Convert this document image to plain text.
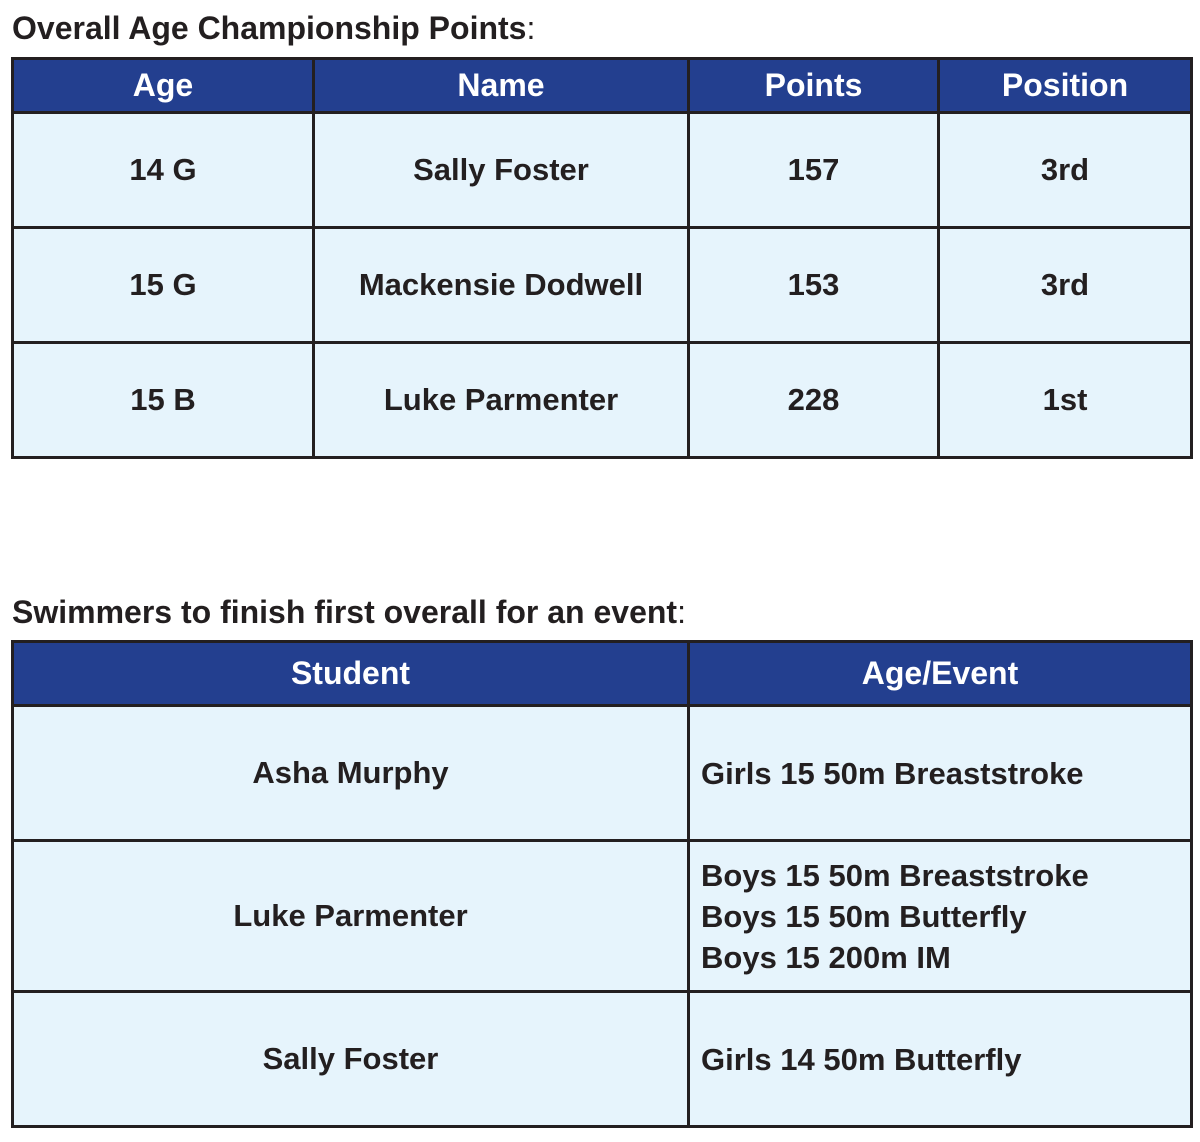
Overall Age Championship Points:
Age	Name	Points	Position
14 G	Sally Foster	157	3rd
15 G	Mackensie Dodwell	153	3rd
15 B	Luke Parmenter	228	1st
Swimmers to finish first overall for an event:
Student	Age/Event
Asha Murphy	Girls 15 50m Breaststroke

Luke Parmenter	Boys 15 50m Breaststroke
Boys 15 50m Butterfly
Boys 15 200m IM

Sally Foster	Girls 14 50m Butterfly
